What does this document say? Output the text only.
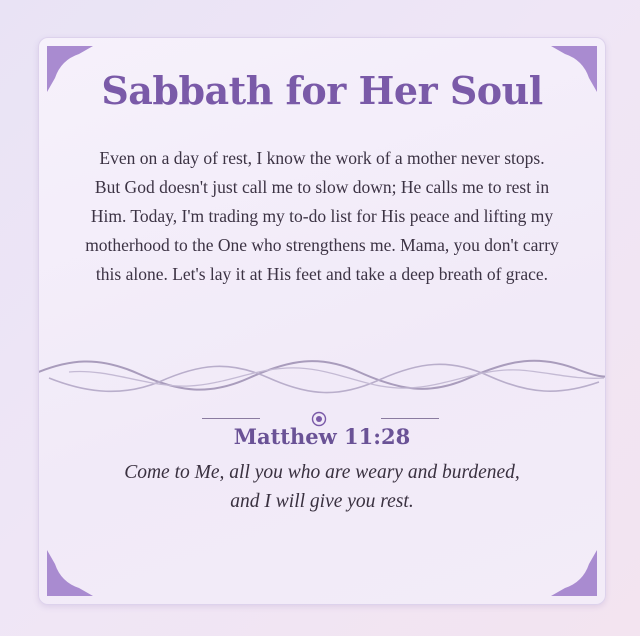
Sabbath for Her Soul
Even on a day of rest, I know the work of a mother never stops. But God doesn't just call me to slow down; He calls me to rest in Him. Today, I'm trading my to-do list for His peace and lifting my motherhood to the One who strengthens me. Mama, you don't carry this alone. Let's lay it at His feet and take a deep breath of grace.
Matthew 11:28
Come to Me, all you who are weary and burdened,
and I will give you rest.
